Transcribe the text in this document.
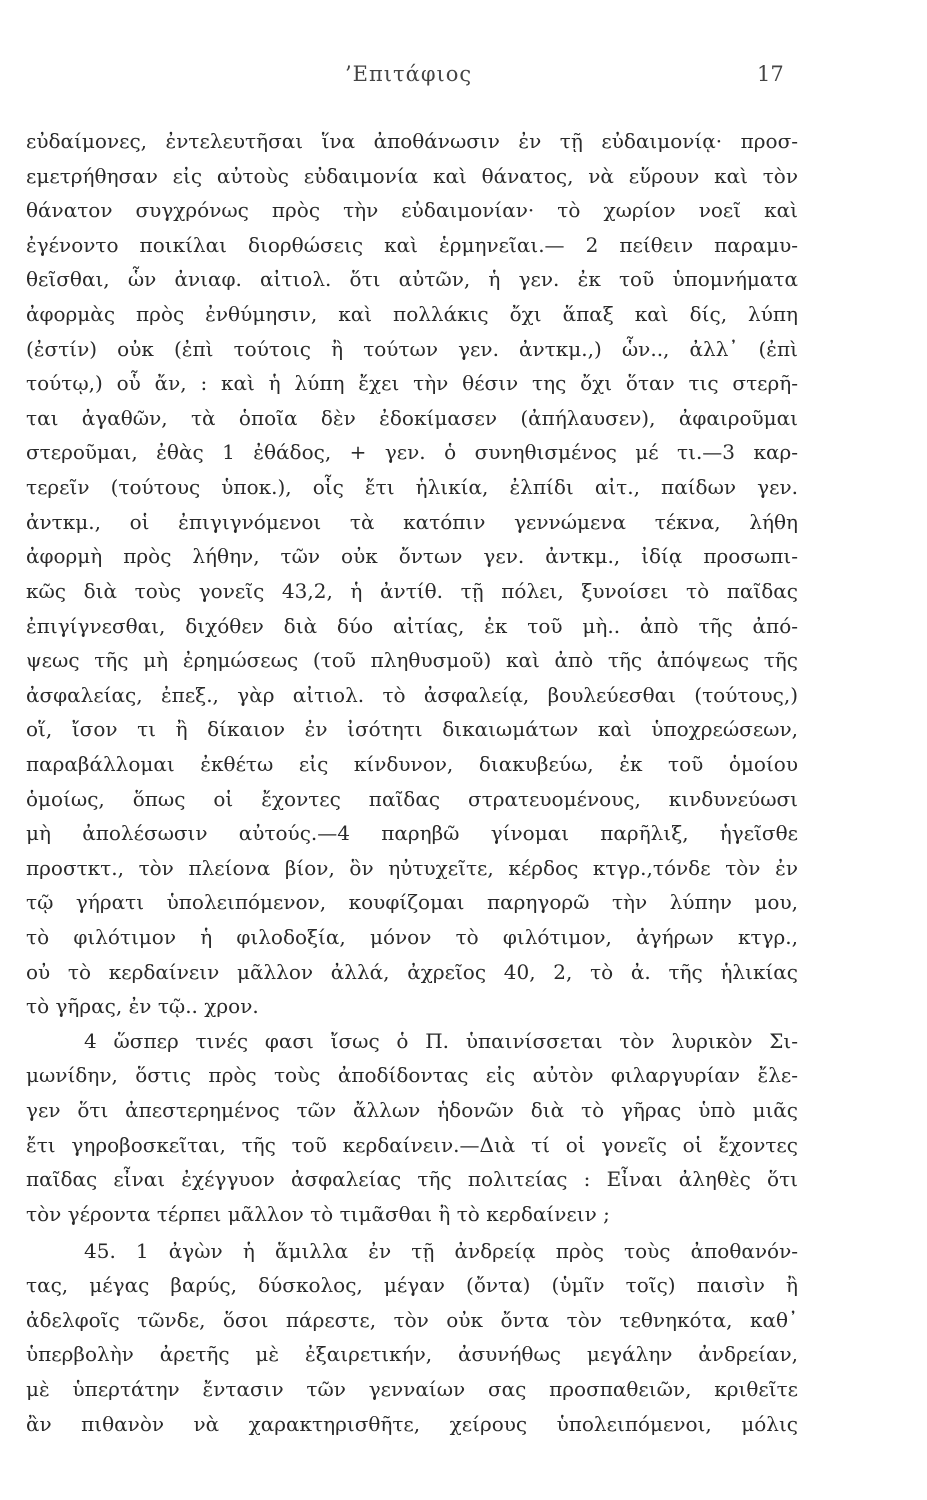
’Επιτάφιος	17
εὐδαίμονες, ἐντελευτῆσαι ἵνα ἀποθάνωσιν ἐν τῇ εὐδαιμονίᾳ· προσ-
εμετρήθησαν εἰς αὐτοὺς εὐδαιμονία καὶ θάνατος, νὰ εὕρουν καὶ τὸν
θάνατον συγχρόνως πρὸς τὴν εὐδαιμονίαν· τὸ χωρίον νοεῖ καὶ
ἐγένοντο ποικίλαι διορθώσεις καὶ ἑρμηνεῖαι.— 2 πείθειν παραμυ-
θεῖσθαι, ὧν ἀνιαφ. αἰτιολ. ὅτι αὐτῶν, ἡ γεν. ἐκ τοῦ ὑπομνήματα
ἀφορμὰς πρὸς ἐνθύμησιν, καὶ πολλάκις ὄχι ἅπαξ καὶ δίς, λύπη
(ἐστίν) οὐκ (ἐπὶ τούτοις ἢ τούτων γεν. ἀντκμ.,) ὧν.., ἀλλ᾽ (ἐπὶ
τούτῳ,) οὗ ἄν, : καὶ ἡ λύπη ἔχει τὴν θέσιν της ὄχι ὅταν τις στερῆ-
ται ἀγαθῶν, τὰ ὁποῖα δὲν ἐδοκίμασεν (ἀπήλαυσεν), ἀφαιροῦμαι
στεροῦμαι, ἐθὰς 1 ἐθάδος, + γεν. ὁ συνηθισμένος μέ τι.—3 καρ-
τερεῖν (τούτους ὑποκ.), οἷς ἔτι ἡλικία, ἐλπίδι αἰτ., παίδων γεν.
ἀντκμ., οἱ ἐπιγιγνόμενοι τὰ κατόπιν γεννώμενα τέκνα, λήθη
ἀφορμὴ πρὸς λήθην, τῶν οὐκ ὄντων γεν. ἀντκμ., ἰδίᾳ προσωπι-
κῶς διὰ τοὺς γονεῖς 43,2, ἡ ἀντίθ. τῇ πόλει, ξυνοίσει τὸ παῖδας
ἐπιγίγνεσθαι, διχόθεν διὰ δύο αἰτίας, ἐκ τοῦ μὴ.. ἀπὸ τῆς ἀπό-
ψεως τῆς μὴ ἐρημώσεως (τοῦ πληθυσμοῦ) καὶ ἀπὸ τῆς ἀπόψεως τῆς
ἀσφαλείας, ἐπεξ., γὰρ αἰτιολ. τὸ ἀσφαλείᾳ, βουλεύεσθαι (τούτους,)
οἵ, ἴσον τι ἢ δίκαιον ἐν ἰσότητι δικαιωμάτων καὶ ὑποχρεώσεων,
παραβάλλομαι ἐκθέτω εἰς κίνδυνον, διακυβεύω, ἐκ τοῦ ὁμοίου
ὁμοίως, ὅπως οἱ ἔχοντες παῖδας στρατευομένους, κινδυνεύωσι
μὴ ἀπολέσωσιν αὐτούς.—4 παρηβῶ γίνομαι παρῆλιξ, ἡγεῖσθε
προστκτ., τὸν πλείονα βίον, ὃν ηὐτυχεῖτε, κέρδος κτγρ.,τόνδε τὸν ἐν
τῷ γήρατι ὑπολειπόμενον, κουφίζομαι παρηγορῶ τὴν λύπην μου,
τὸ φιλότιμον ἡ φιλοδοξία, μόνον τὸ φιλότιμον, ἀγήρων κτγρ.,
οὐ τὸ κερδαίνειν μᾶλλον ἀλλά, ἀχρεῖος 40, 2, τὸ ἀ. τῆς ἡλικίας
τὸ γῆρας, ἐν τῷ.. χρον.
4 ὥσπερ τινές φασι ἴσως ὁ Π. ὑπαινίσσεται τὸν λυρικὸν Σι-
μωνίδην, ὅστις πρὸς τοὺς ἀποδίδοντας εἰς αὐτὸν φιλαργυρίαν ἔλε-
γεν ὅτι ἀπεστερημένος τῶν ἄλλων ἡδονῶν διὰ τὸ γῆρας ὑπὸ μιᾶς
ἔτι γηροβοσκεῖται, τῆς τοῦ κερδαίνειν.—Διὰ τί οἱ γονεῖς οἱ ἔχοντες
παῖδας εἶναι ἐχέγγυον ἀσφαλείας τῆς πολιτείας : Εἶναι ἀληθὲς ὅτι
τὸν γέροντα τέρπει μᾶλλον τὸ τιμᾶσθαι ἢ τὸ κερδαίνειν ;
45. 1 ἀγὼν ἡ ἅμιλλα ἐν τῇ ἀνδρείᾳ πρὸς τοὺς ἀποθανόν-
τας, μέγας βαρύς, δύσκολος, μέγαν (ὄντα) (ὑμῖν τοῖς) παισὶν ἢ
ἀδελφοῖς τῶνδε, ὅσοι πάρεστε, τὸν οὐκ ὄντα τὸν τεθνηκότα, καθ᾽
ὑπερβολὴν ἀρετῆς μὲ ἐξαιρετικήν, ἀσυνήθως μεγάλην ἀνδρείαν,
μὲ ὑπερτάτην ἔντασιν τῶν γενναίων σας προσπαθειῶν, κριθεῖτε
ἂν πιθανὸν νὰ χαρακτηρισθῆτε, χείρους ὑπολειπόμενοι, μόλις
